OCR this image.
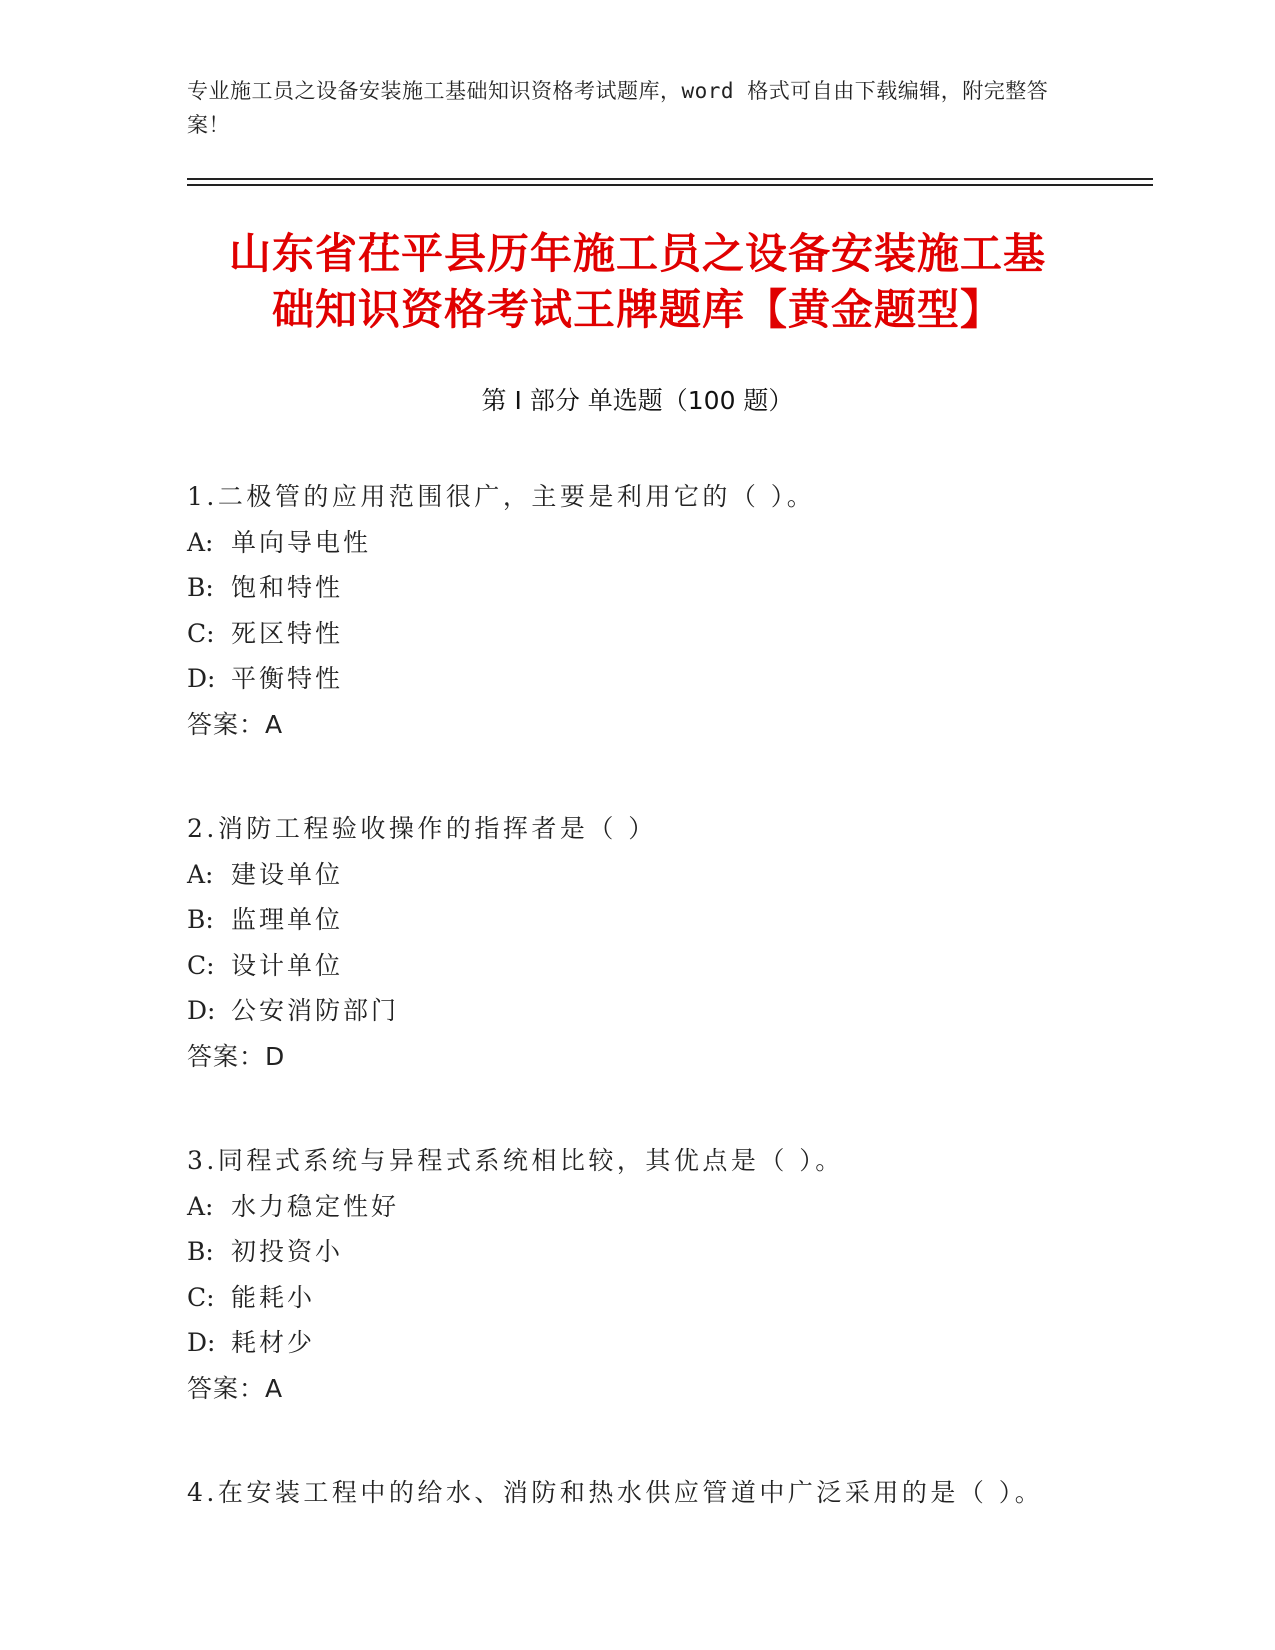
专业施工员之设备安装施工基础知识资格考试题库，word 格式可自由下载编辑，附完整答案！
山东省茌平县历年施工员之设备安装施工基
础知识资格考试王牌题库【黄金题型】
第 I 部分 单选题（100 题）
1.二极管的应用范围很广，主要是利用它的（ ）。
A: 单向导电性
B: 饱和特性
C: 死区特性
D: 平衡特性
答案：A
2.消防工程验收操作的指挥者是（ ）
A: 建设单位
B: 监理单位
C: 设计单位
D: 公安消防部门
答案：D
3.同程式系统与异程式系统相比较，其优点是（ ）。
A: 水力稳定性好
B: 初投资小
C: 能耗小
D: 耗材少
答案：A
4.在安装工程中的给水、消防和热水供应管道中广泛采用的是（ ）。
